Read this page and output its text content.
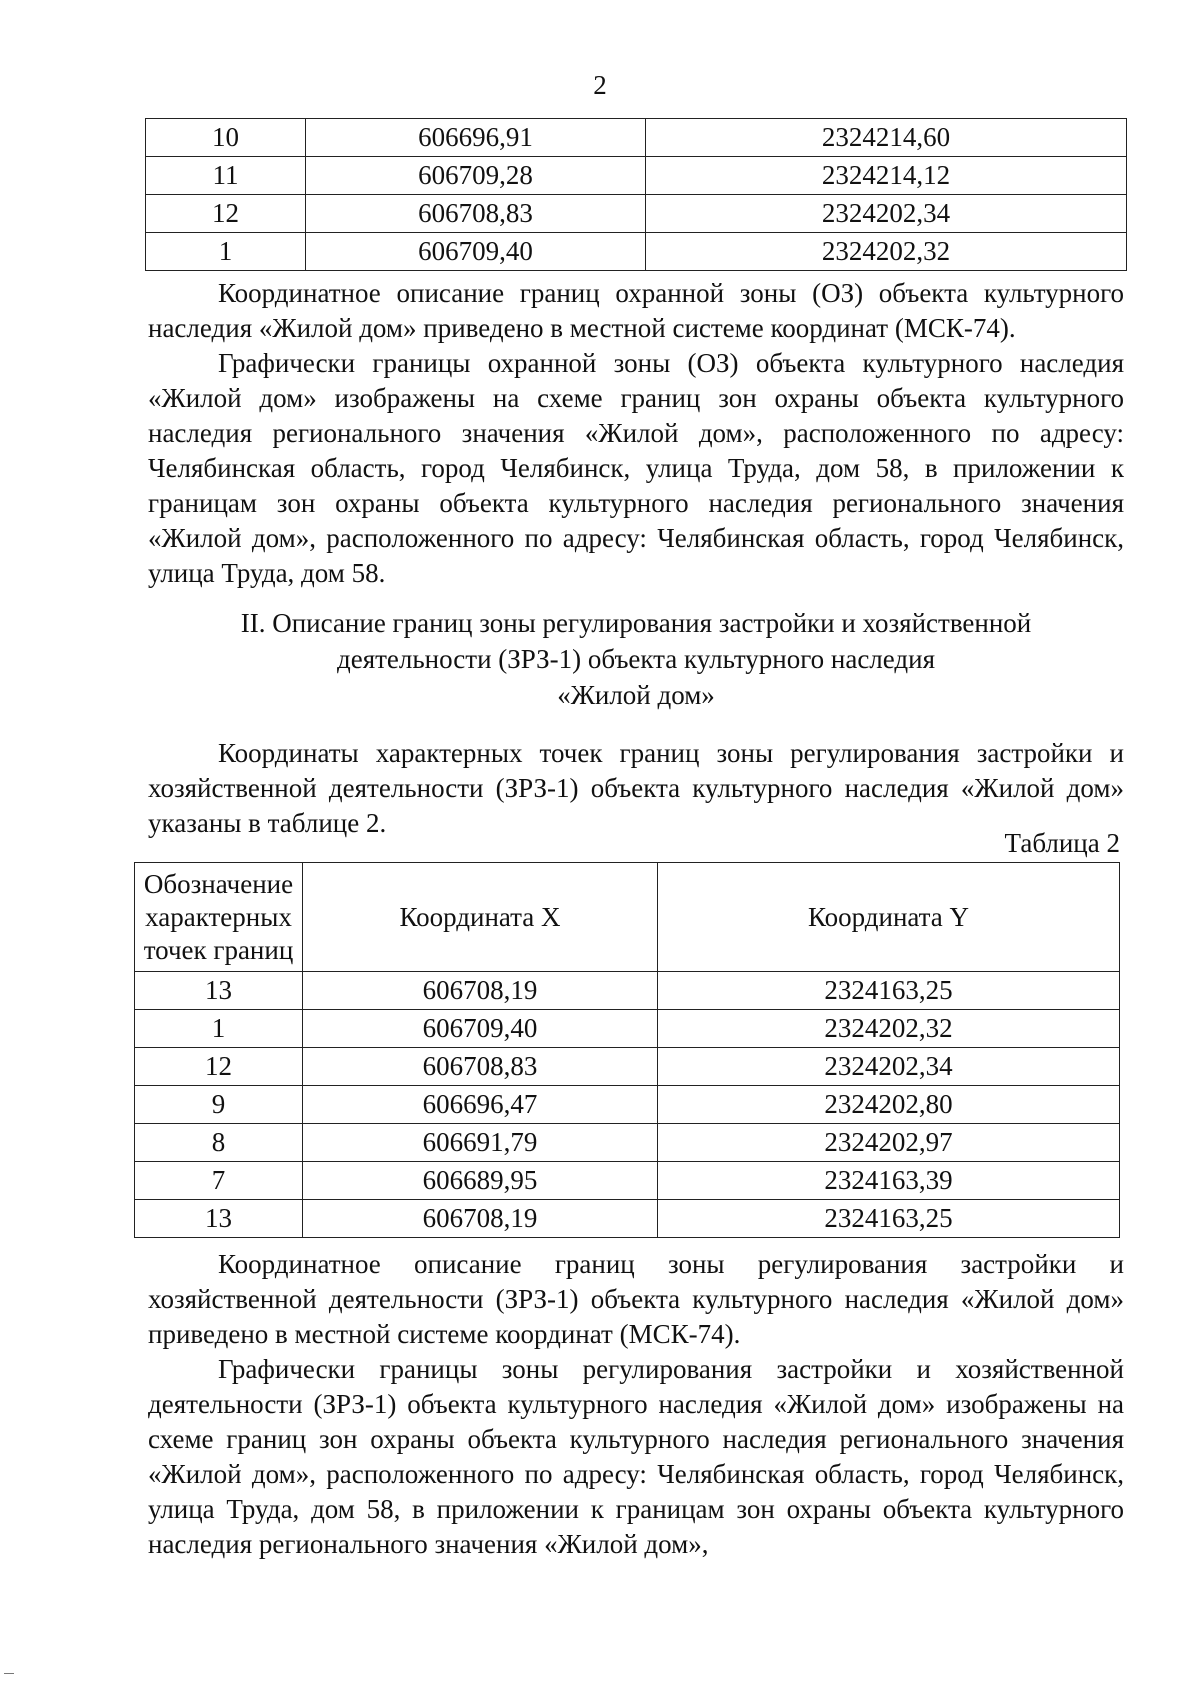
2
10	606696,91	2324214,60
11	606709,28	2324214,12
12	606708,83	2324202,34
1	606709,40	2324202,32

Координатное описание границ охранной зоны (ОЗ) объекта культурного наследия «Жилой дом» приведено в местной системе координат (МСК-74).

Графически границы охранной зоны (ОЗ) объекта культурного наследия «Жилой дом» изображены на схеме границ зон охраны объекта культурного наследия регионального значения «Жилой дом», расположенного по адресу: Челябинская область, город Челябинск, улица Труда, дом 58, в приложении к границам зон охраны объекта культурного наследия регионального значения «Жилой дом», расположенного по адресу: Челябинская область, город Челябинск, улица Труда, дом 58.

II. Описание границ зоны регулирования застройки и хозяйственной

деятельности (ЗРЗ-1) объекта культурного наследия

«Жилой дом»

Координаты характерных точек границ зоны регулирования застройки и хозяйственной деятельности (ЗРЗ-1) объекта культурного наследия «Жилой дом» указаны в таблице 2.

Таблица 2
Обозначение
характерных
точек границ	Координата X	Координата Y
13	606708,19	2324163,25
1	606709,40	2324202,32
12	606708,83	2324202,34
9	606696,47	2324202,80
8	606691,79	2324202,97
7	606689,95	2324163,39
13	606708,19	2324163,25

Координатное описание границ зоны регулирования застройки и хозяйственной деятельности (ЗРЗ-1) объекта культурного наследия «Жилой дом» приведено в местной системе координат (МСК-74).

Графически границы зоны регулирования застройки и хозяйственной деятельности (ЗРЗ-1) объекта культурного наследия «Жилой дом» изображены на схеме границ зон охраны объекта культурного наследия регионального значения «Жилой дом», расположенного по адресу: Челябинская область, город Челябинск, улица Труда, дом 58, в приложении к границам зон охраны объекта культурного наследия регионального значения «Жилой дом»,
